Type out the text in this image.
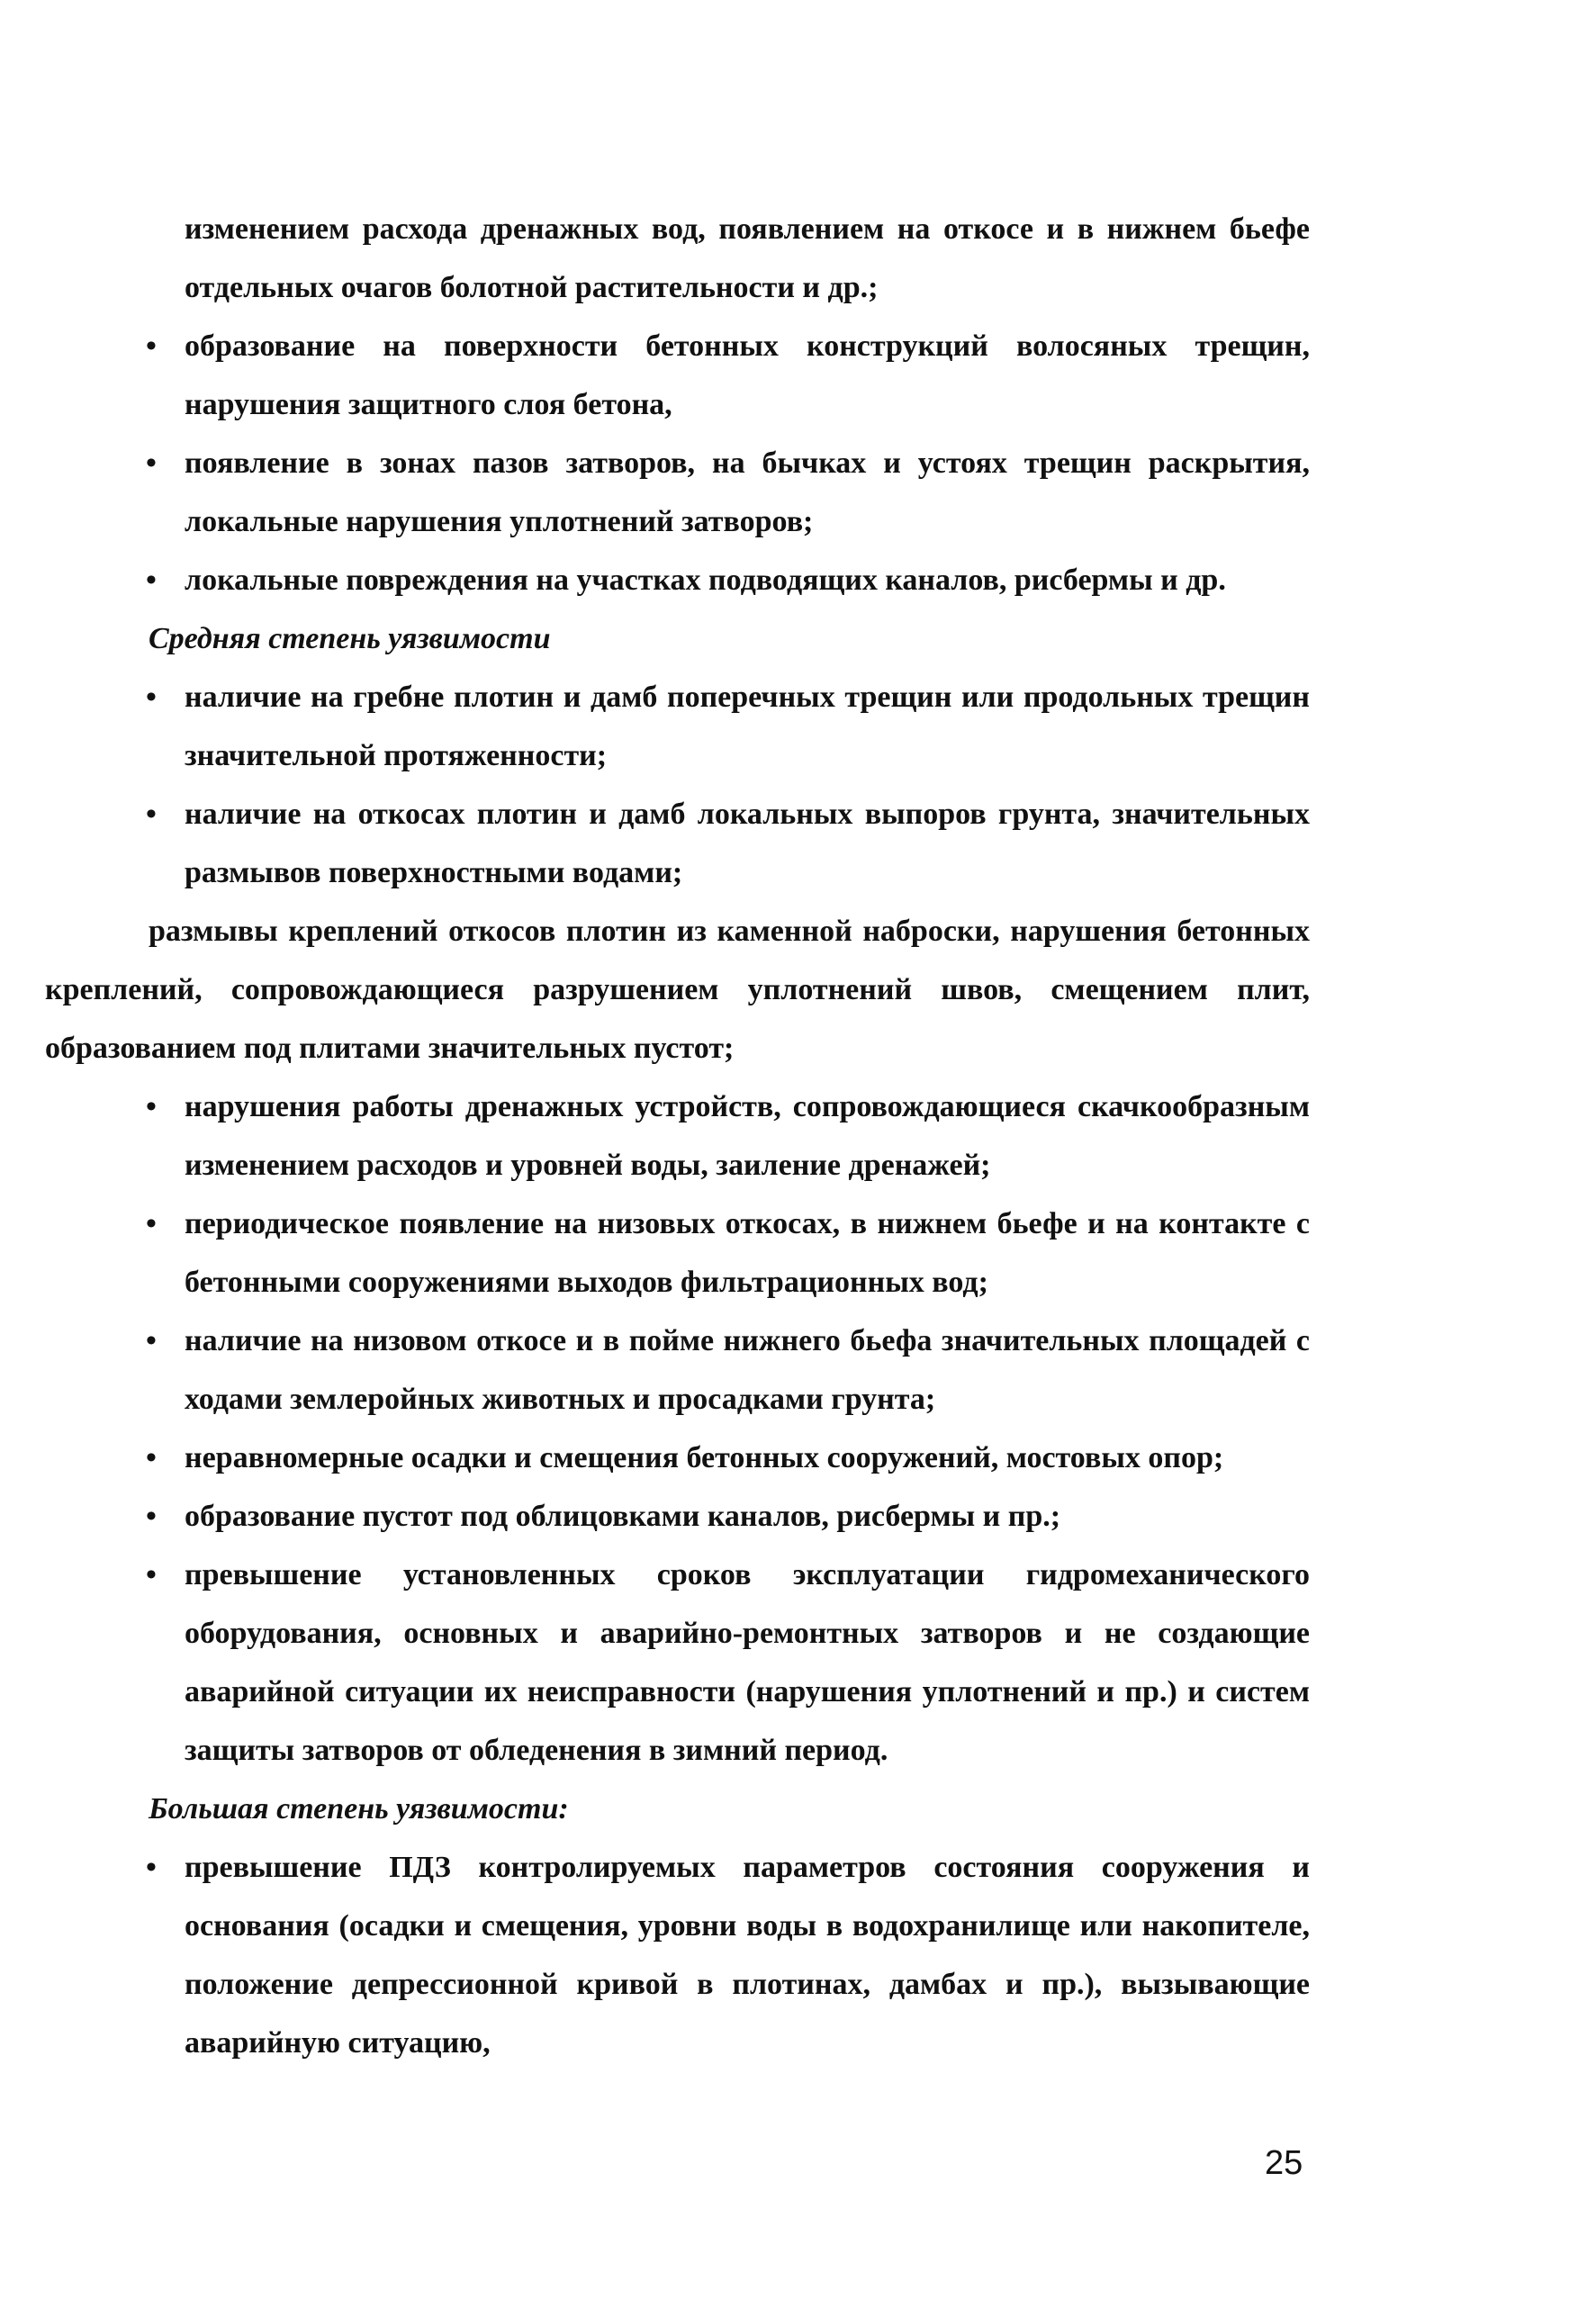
изменением расхода дренажных вод, появлением на откосе и в нижнем бьефе отдельных очагов болотной растительности и др.;

• образование на поверхности бетонных конструкций волосяных трещин, нарушения защитного слоя бетона,

• появление в зонах пазов затворов, на бычках и устоях трещин раскрытия, локальные нарушения уплотнений затворов;

• локальные повреждения на участках подводящих каналов, рисбермы и др.

Средняя степень уязвимости

• наличие на гребне плотин и дамб поперечных трещин или продольных трещин значительной протяженности;

• наличие на откосах плотин и дамб локальных выпоров грунта, значительных размывов поверхностными водами;

размывы креплений откосов плотин из каменной наброски, нарушения бетонных креплений, сопровождающиеся разрушением уплотнений швов, смещением плит, образованием под плитами значительных пустот;

• нарушения работы дренажных устройств, сопровождающиеся скачкообразным изменением расходов и уровней воды, заиление дренажей;

• периодическое появление на низовых откосах, в нижнем бьефе и на контакте с бетонными сооружениями выходов фильтрационных вод;

• наличие на низовом откосе и в пойме нижнего бьефа значительных площадей с ходами землеройных животных и просадками грунта;

• неравномерные осадки и смещения бетонных сооружений, мостовых опор;

• образование пустот под облицовками каналов, рисбермы и пр.;

• превышение установленных сроков эксплуатации гидромеханического оборудования, основных и аварийно-ремонтных затворов и не создающие аварийной ситуации их неисправности (нарушения уплотнений и пр.) и систем защиты затворов от обледенения в зимний период.

Большая степень уязвимости:

• превышение ПДЗ контролируемых параметров состояния сооружения и основания (осадки и смещения, уровни воды в водохранилище или накопителе, положение депрессионной кривой в плотинах, дамбах и пр.), вызывающие аварийную ситуацию,

25
